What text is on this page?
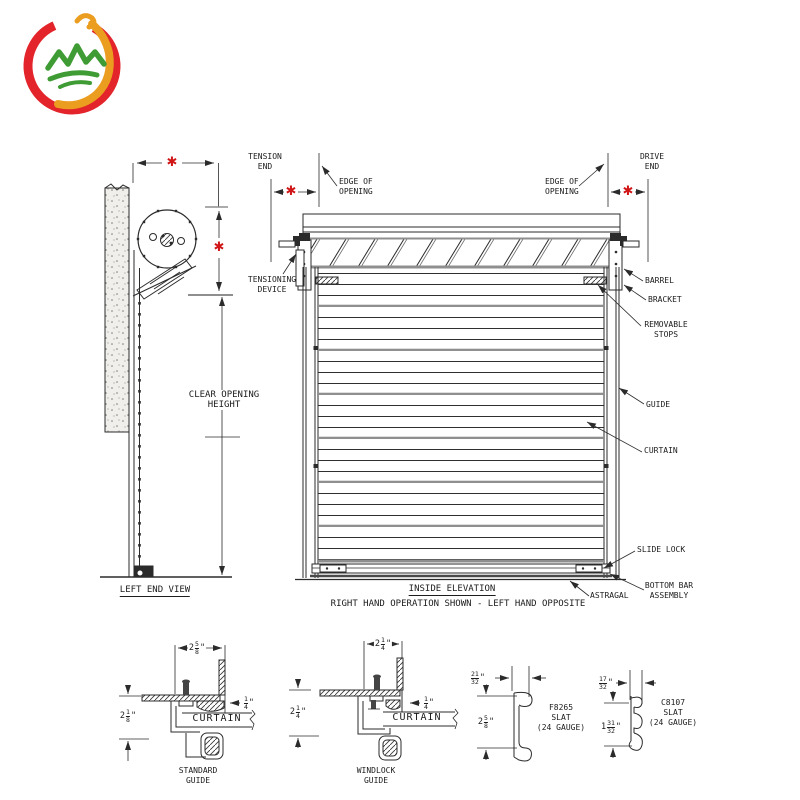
TENSION
END
DRIVE
END
EDGE OF
OPENING
EDGE OF
OPENING
✱
✱
✱	✱
TENSIONING
DEVICE
BARREL
BRACKET
REMOVABLE
STOPS
GUIDE
CURTAIN
SLIDE LOCK
BOTTOM BAR
ASSEMBLY
ASTRAGAL
CLEAR OPENING
HEIGHT
LEFT END VIEW	INSIDE ELEVATION
RIGHT HAND OPERATION SHOWN - LEFT HAND OPPOSITE
STANDARD
GUIDE
WINDLOCK
GUIDE
CURTAIN	CURTAIN
F8265
SLAT
(24 GAUGE)
C8107
SLAT
(24 GAUGE)
2 5
8 "
2 1
8 "
1
4 "
2 1
4 "
2 1
4 "
1
4 "
21
32 "
2 5
8 "
17
32 "
1 31
32 "
